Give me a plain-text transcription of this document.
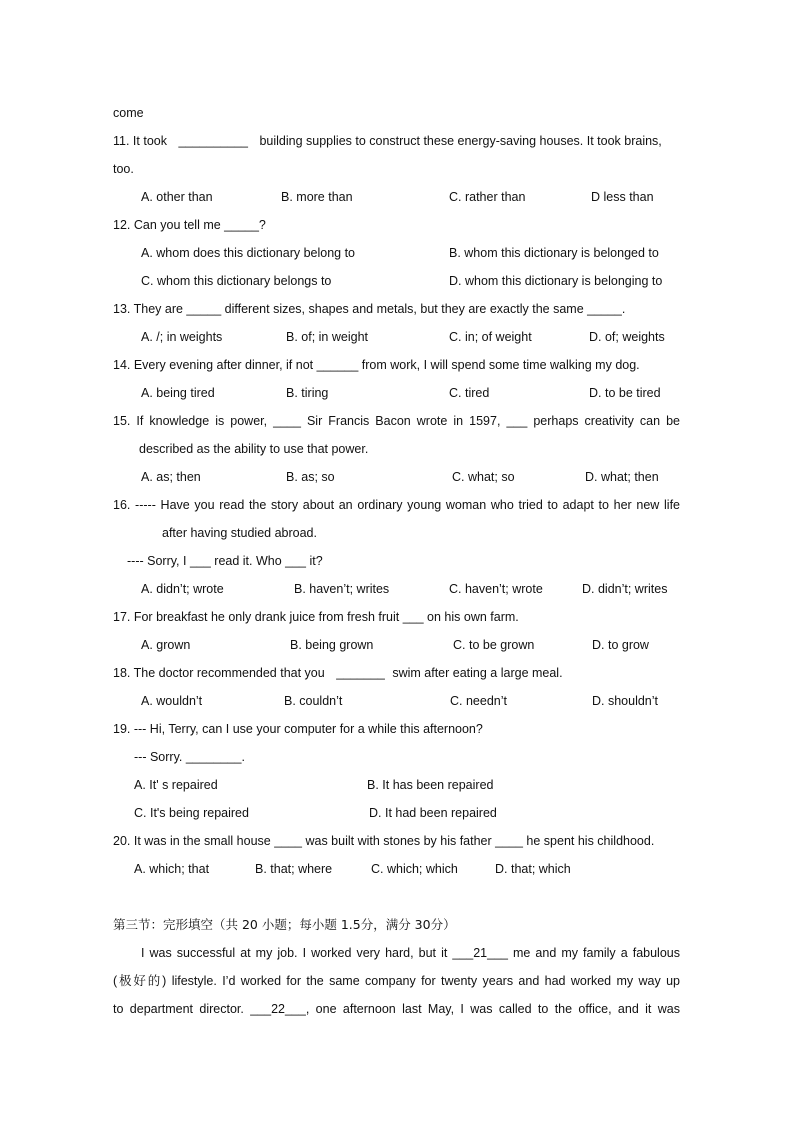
come
11. It took __________ building supplies to construct these energy-saving houses. It took brains,
too.
A. other than	B. more than	C. rather than	D less than
12. Can you tell me _____?
A. whom does this dictionary belong to	B. whom this dictionary is belonged to
C. whom this dictionary belongs to	D. whom this dictionary is belonging to
13. They are _____ different sizes, shapes and metals, but they are exactly the same _____.
A. /; in weights	B. of; in weight	C. in; of weight	D. of; weights
14. Every evening after dinner, if not ______ from work, I will spend some time walking my dog.
A. being tired	B. tiring	C. tired	D. to be tired
15. If knowledge is power, ____ Sir Francis Bacon wrote in 1597, ___ perhaps creativity can be
described as the ability to use that power.
A. as; then	B. as; so	C. what; so	D. what; then
16. ----- Have you read the story about an ordinary young woman who tried to adapt to her new life
after having studied abroad.
---- Sorry, I ___ read it. Who ___ it?
A. didn’t; wrote	B. haven’t; writes	C. haven’t; wrote	D. didn’t; writes
17. For breakfast he only drank juice from fresh fruit ___ on his own farm.
A. grown	B. being grown	C. to be grown	D. to grow
18. The doctor recommended that you _______ swim after eating a large meal.
A. wouldn’t	B. couldn’t	C. needn’t	D. shouldn’t
19. --- Hi, Terry, can I use your computer for a while this afternoon?
--- Sorry. ________.
A. It' s repaired	B. It has been repaired
C. It's being repaired	D. It had been repaired
20. It was in the small house ____ was built with stones by his father ____ he spent his childhood.
A. which; that	B. that; where	C. which; which	D. that; which
第三节：完形填空（共 20 小题；每小题 1.5分，满分 30分）
I was successful at my job. I worked very hard, but it ___21___ me and my family a fabulous
(极好的) lifestyle. I’d worked for the same company for twenty years and had worked my way up
to department director. ___22___, one afternoon last May, I was called to the office, and it was
